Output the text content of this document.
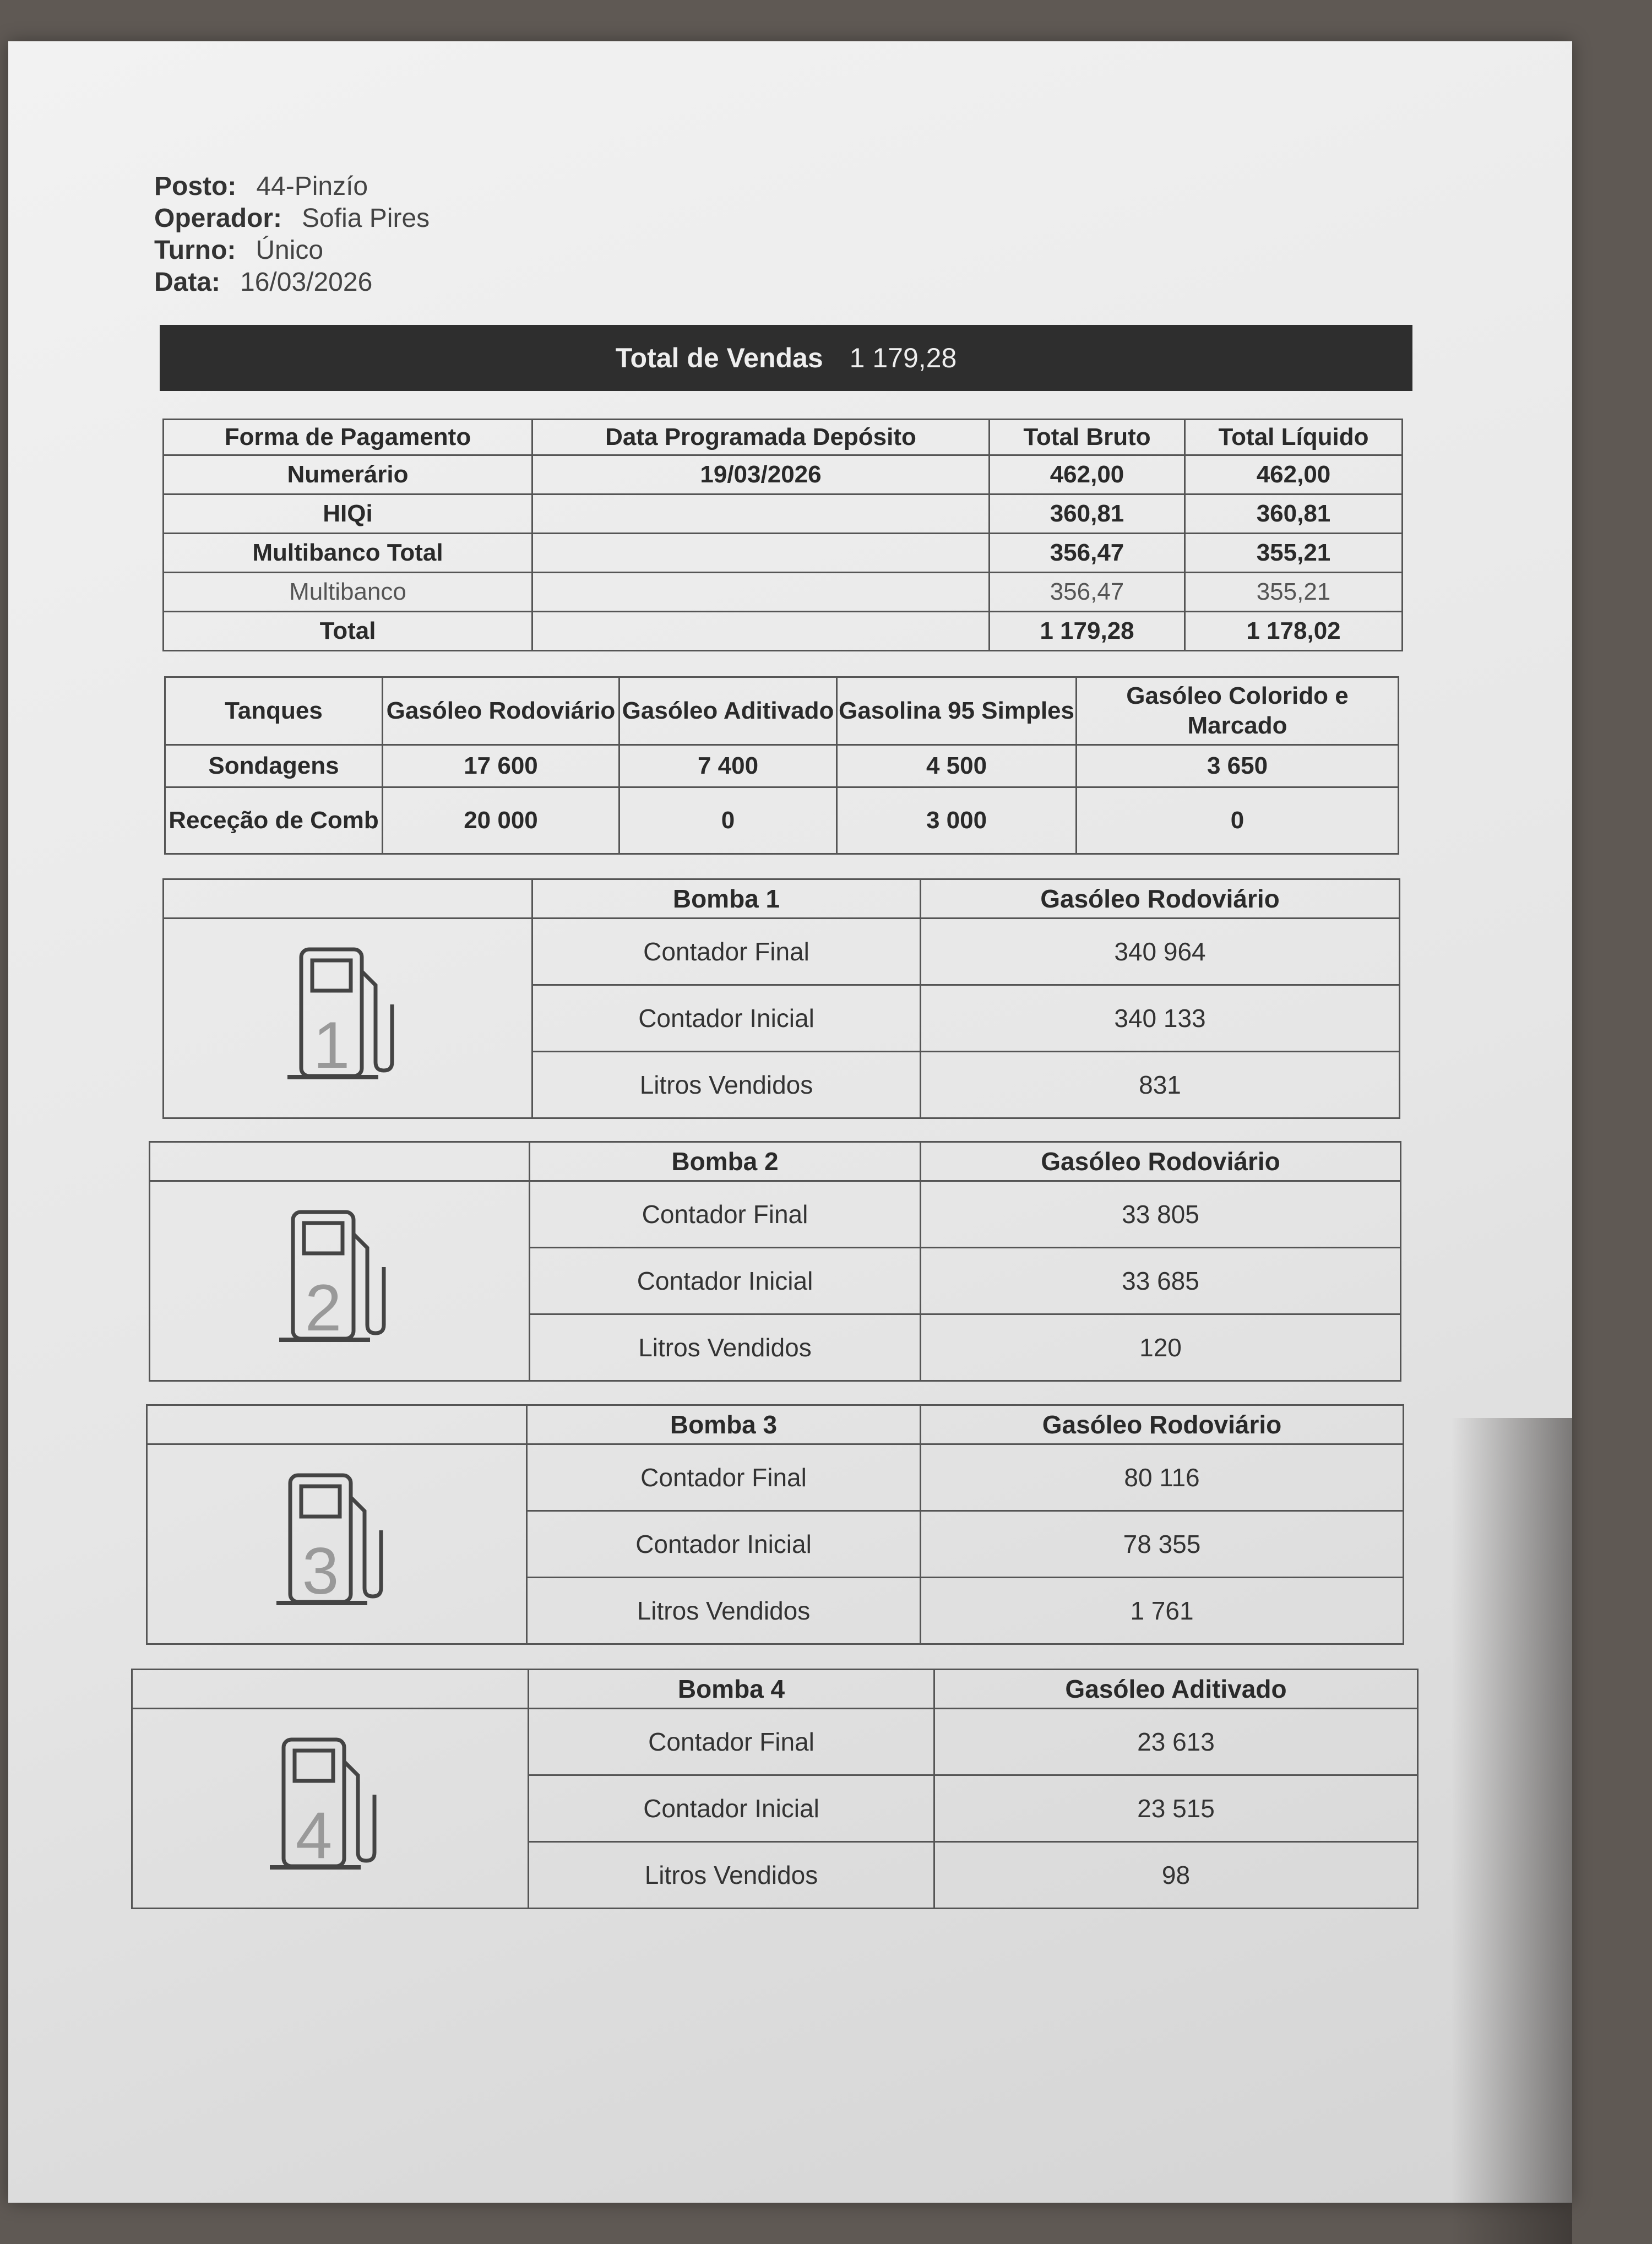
Posto: 44-Pinzío
Operador: Sofia Pires
Turno: Único
Data: 16/03/2026
Total de Vendas 1 179,28
Forma de Pagamento	Data Programada Depósito	Total Bruto	Total Líquido
Numerário	19/03/2026	462,00	462,00
HIQi		360,81	360,81
Multibanco Total		356,47	355,21
Multibanco		356,47	355,21
Total		1 179,28	1 178,02
Tanques	Gasóleo Rodoviário	Gasóleo Aditivado	Gasolina 95 Simples	Gasóleo Colorido e Marcado
Sondagens	17 600	7 400	4 500	3 650
Receção de Comb	20 000	0	3 000	0
	Bomba 1	Gasóleo Rodoviário

1	Contador Final	340 964
	Contador Inicial	340 133
	Litros Vendidos	831
	Bomba 2	Gasóleo Rodoviário

2	Contador Final	33 805
	Contador Inicial	33 685
	Litros Vendidos	120
	Bomba 3	Gasóleo Rodoviário

3	Contador Final	80 116
	Contador Inicial	78 355
	Litros Vendidos	1 761
	Bomba 4	Gasóleo Aditivado

4	Contador Final	23 613
	Contador Inicial	23 515
	Litros Vendidos	98
